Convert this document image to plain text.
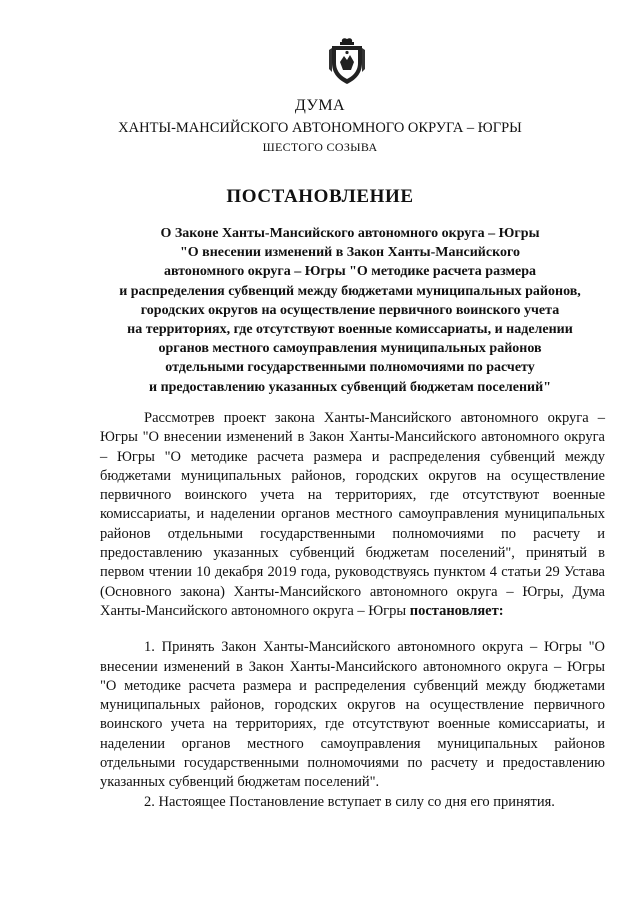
ДУМА
ХАНТЫ-МАНСИЙСКОГО АВТОНОМНОГО ОКРУГА – ЮГРЫ
ШЕСТОГО СОЗЫВА
ПОСТАНОВЛЕНИЕ
О Законе Ханты-Мансийского автономного округа – Югры
"О внесении изменений в Закон Ханты-Мансийского
автономного округа – Югры "О методике расчета размера
и распределения субвенций между бюджетами муниципальных районов,
городских округов на осуществление первичного воинского учета
на территориях, где отсутствуют военные комиссариаты, и наделении
органов местного самоуправления муниципальных районов
отдельными государственными полномочиями по расчету
и предоставлению указанных субвенций бюджетам поселений"

Рассмотрев проект закона Ханты-Мансийского автономного округа – Югры "О внесении изменений в Закон Ханты-Мансийского автономного округа – Югры "О методике расчета размера и распределения субвенций между бюджетами муниципальных районов, городских округов на осуществление первичного воинского учета на территориях, где отсутствуют военные комиссариаты, и наделении органов местного самоуправления муниципальных районов отдельными государственными полномочиями по расчету и предоставлению указанных субвенций бюджетам поселений", принятый в первом чтении 10 декабря 2019 года, руководствуясь пунктом 4 статьи 29 Устава (Основного закона) Ханты-Мансийского автономного округа – Югры, Дума Ханты-Мансийского автономного округа – Югры постановляет:

1. Принять Закон Ханты-Мансийского автономного округа – Югры "О внесении изменений в Закон Ханты-Мансийского автономного округа – Югры "О методике расчета размера и распределения субвенций между бюджетами муниципальных районов, городских округов на осуществление первичного воинского учета на территориях, где отсутствуют военные комиссариаты, и наделении органов местного самоуправления муниципальных районов отдельными государственными полномочиями по расчету и предоставлению указанных субвенций бюджетам поселений".

2. Настоящее Постановление вступает в силу со дня его принятия.
